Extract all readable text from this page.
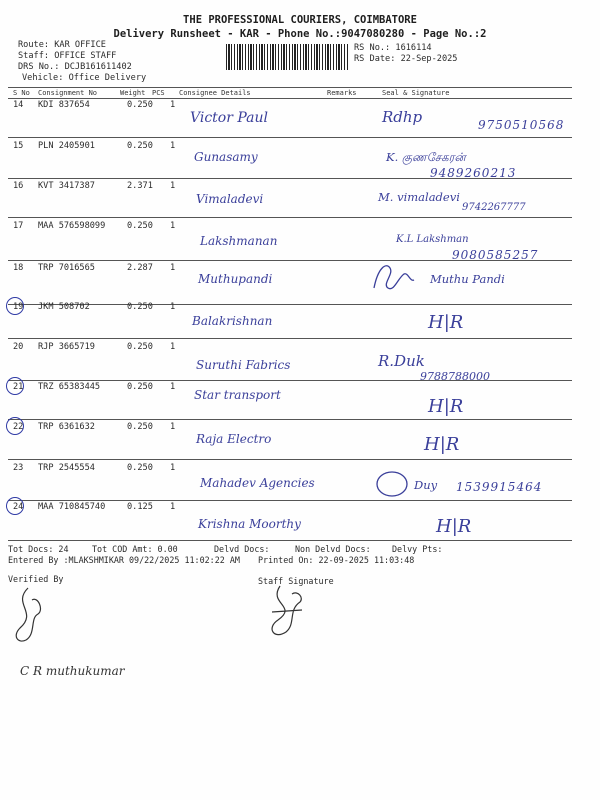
THE PROFESSIONAL COURIERS, COIMBATORE
Delivery Runsheet - KAR - Phone No.:9047080280 - Page No.:2
Route: KAR OFFICE
Staff: OFFICE STAFF
DRS No.: DCJB161611402
Vehicle: Office Delivery
RS No.: 1616114
RS Date: 22-Sep-2025
S No Consignment No	Weight PCS Consignee Details	Remarks	Seal & Signature
14 KDI 837654	0.250 1
Victor Paul	Rdhp	9750510568
15 PLN 2405901	0.250 1
Gunasamy	K. குணசேகரன்
9489260213
16 KVT 3417387	2.371 1
Vimaladevi	M. vimaladevi
9742267777
17 MAA 576598099	0.250 1
Lakshmanan	K.L Lakshman
9080585257
18 TRP 7016565	2.287 1
Muthupandi	Muthu Pandi
19 JKM 508702	0.250 1
Balakrishnan	H|R
20 RJP 3665719	0.250 1
Suruthi Fabrics	R.Duk
9788788000
21 TRZ 65383445	0.250 1
Star transport
H|R
22 TRP 6361632	0.250 1
Raja Electro	H|R
23 TRP 2545554	0.250 1
Mahadev Agencies	Duy 1539915464
24 MAA 710845740	0.125 1
Krishna Moorthy	H|R
Tot Docs: 24	Tot COD Amt: 0.00	Delvd Docs:	Non Delvd Docs:	Delvy Pts:
Entered By :MLAKSHMIKAR 09/22/2025 11:02:22 AM Printed On: 22-09-2025 11:03:48
Verified By	Staff Signature
C R muthukumar
